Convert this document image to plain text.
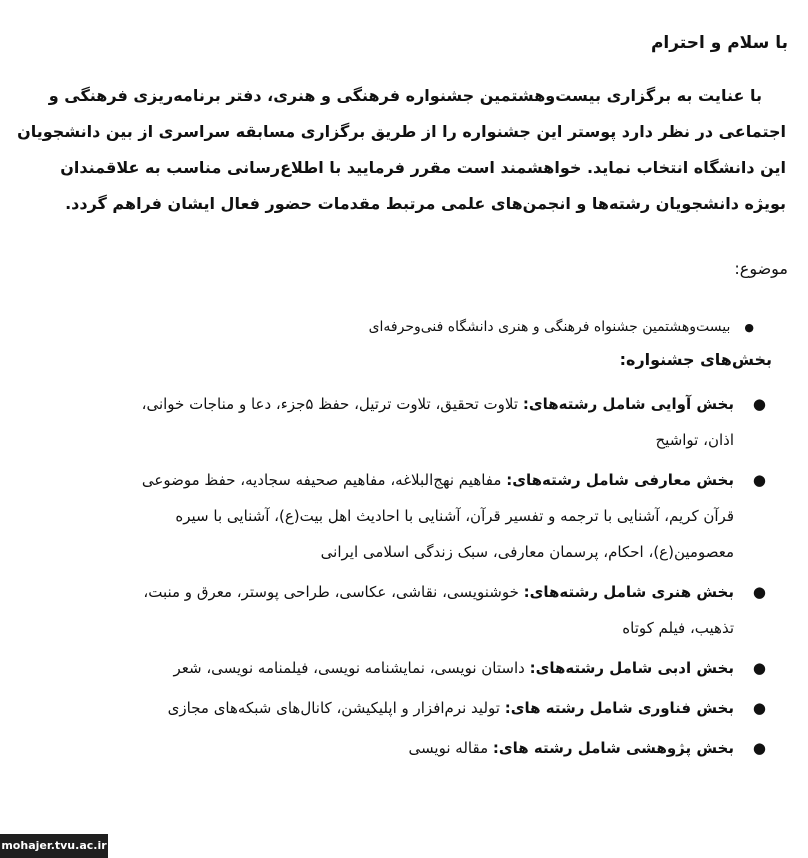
با سلام و احترام
با عنایت به برگزاری بیست‌وهشتمین جشنواره فرهنگی و هنری، دفتر برنامه‌ریزی فرهنگی و
اجتماعی در نظر دارد پوستر این جشنواره را از طریق برگزاری مسابقه سراسری از بین دانشجویان
این دانشگاه انتخاب نماید. خواهشمند است مقرر فرمایید با اطلاع‌رسانی مناسب به علاقمندان
بویژه دانشجویان رشته‌ها و انجمن‌های علمی مرتبط مقدمات حضور فعال ایشان فراهم گردد.
موضوع:
●بیست‌وهشتمین جشنواه فرهنگی و هنری دانشگاه فنی‌وحرفه‌ای
بخش‌های جشنواره:
●
بخش آوایی شامل رشته‌های: تلاوت تحقیق، تلاوت ترتیل، حفظ ۵جزء، دعا و مناجات خوانی،
اذان، تواشیح
●
بخش معارفی شامل رشته‌های: مفاهیم نهج‌البلاغه، مفاهیم صحیفه سجادیه، حفظ موضوعی
قرآن کریم، آشنایی با ترجمه و تفسیر قرآن، آشنایی با احادیث اهل بیت(ع)، آشنایی با سیره
معصومین(ع)، احکام، پرسمان معارفی، سبک زندگی اسلامی ایرانی
●
بخش هنری شامل رشته‌های: خوشنویسی، نقاشی، عکاسی، طراحی پوستر، معرق و منبت،
تذهیب، فیلم کوتاه
●
بخش ادبی شامل رشته‌های: داستان نویسی، نمایشنامه نویسی، فیلمنامه نویسی، شعر
●
بخش فناوری شامل رشته های: تولید نرم‌افزار و اپلیکیشن، کانال‌های شبکه‌های مجازی
●
بخش پژوهشی شامل رشته های: مقاله نویسی
mohajer.tvu.ac.ir
